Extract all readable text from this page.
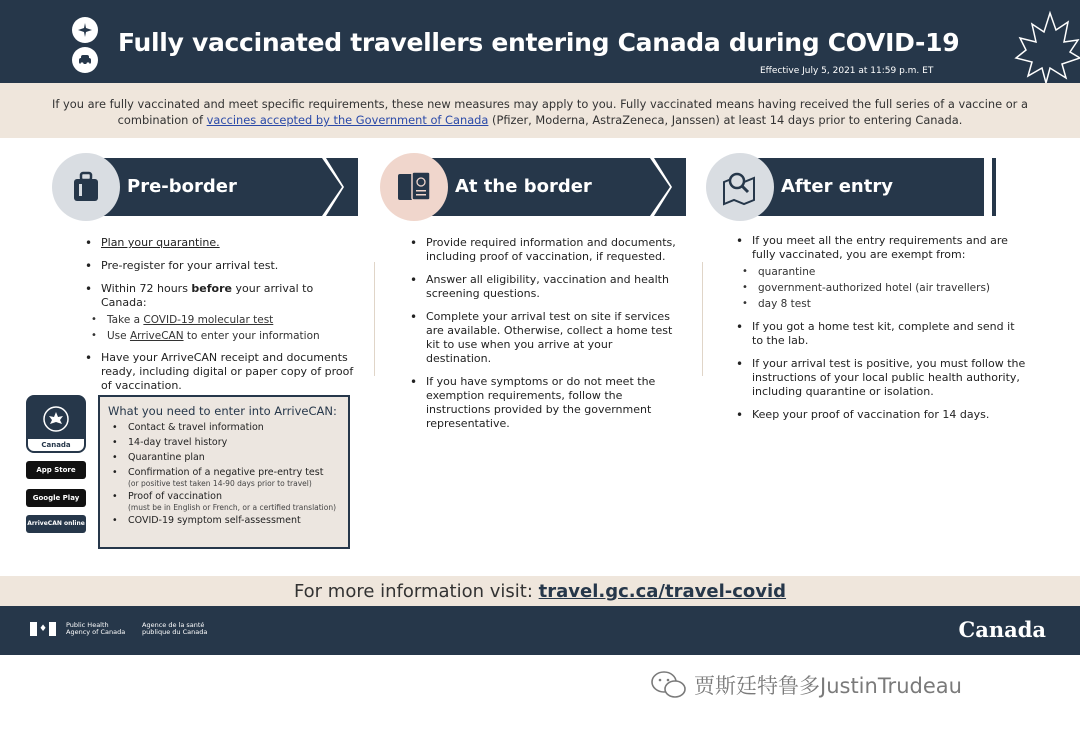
Fully vaccinated travellers entering Canada during COVID-19
Effective July 5, 2021 at 11:59 p.m. ET
If you are fully vaccinated and meet specific requirements, these new measures may apply to you. Fully vaccinated means having received the full series of a vaccine or a combination of vaccines accepted by the Government of Canada (Pfizer, Moderna, AstraZeneca, Janssen) at least 14 days prior to entering Canada.
Pre-border
• Plan your quarantine.
• Pre-register for your arrival test.
• Within 72 hours before your arrival to Canada:
• Take a COVID-19 molecular test
• Use ArriveCAN to enter your information
• Have your ArriveCAN receipt and documents ready, including digital or paper copy of proof of vaccination.
At the border
• Provide required information and documents, including proof of vaccination, if requested.
• Answer all eligibility, vaccination and health screening questions.
• Complete your arrival test on site if services are available. Otherwise, collect a home test kit to use when you arrive at your destination.
• If you have symptoms or do not meet the exemption requirements, follow the instructions provided by the government representative.
After entry
• If you meet all the entry requirements and are fully vaccinated, you are exempt from:
• quarantine
• government-authorized hotel (air travellers)
• day 8 test
• If you got a home test kit, complete and send it to the lab.
• If your arrival test is positive, you must follow the instructions of your local public health authority, including quarantine or isolation.
• Keep your proof of vaccination for 14 days.
Canada
App Store
Google Play
ArriveCAN online
What you need to enter into ArriveCAN:
• Contact & travel information
• 14-day travel history
• Quarantine plan
• Confirmation of a negative pre-entry test
(or positive test taken 14-90 days prior to travel)
• Proof of vaccination
(must be in English or French, or a certified translation)
• COVID-19 symptom self-assessment
For more information visit: travel.gc.ca/travel-covid
♦	Public Health Agency of Canada
Agence de la santé publique du Canada	Canada
贾斯廷特鲁多JustinTrudeau
